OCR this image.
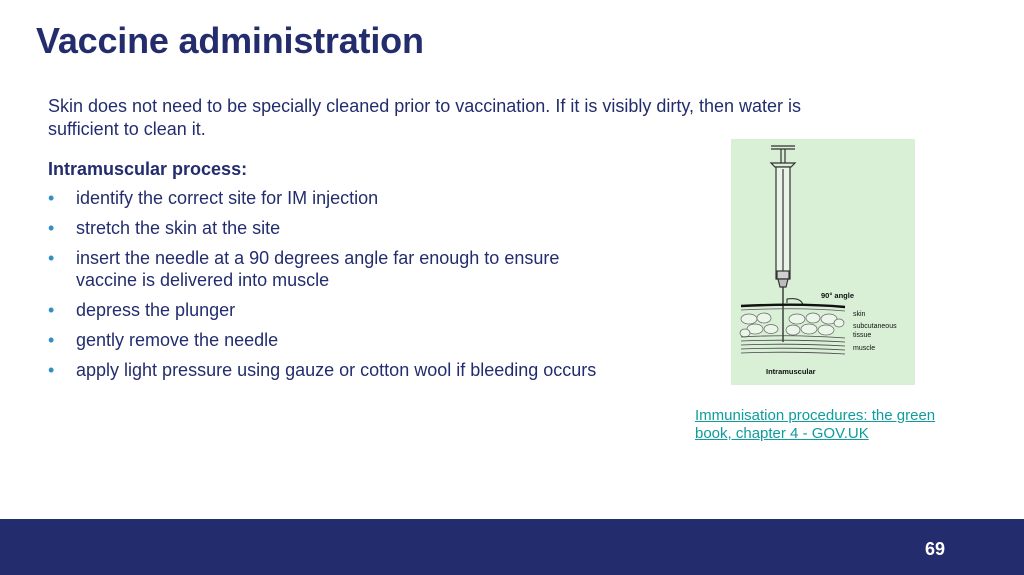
Vaccine administration

Skin does not need to be specially cleaned prior to vaccination. If it is visibly dirty, then water is sufficient to clean it.

Intramuscular process:

• identify the correct site for IM injection
• stretch the skin at the site
• insert the needle at a 90 degrees angle far enough to ensure vaccine is delivered into muscle
• depress the plunger
• gently remove the needle
• apply light pressure using gauze or cotton wool if bleeding occurs
90° angle
skin
subcutaneous
tissue
muscle
Intramuscular
Immunisation procedures: the green book, chapter 4 - GOV.UK
69
